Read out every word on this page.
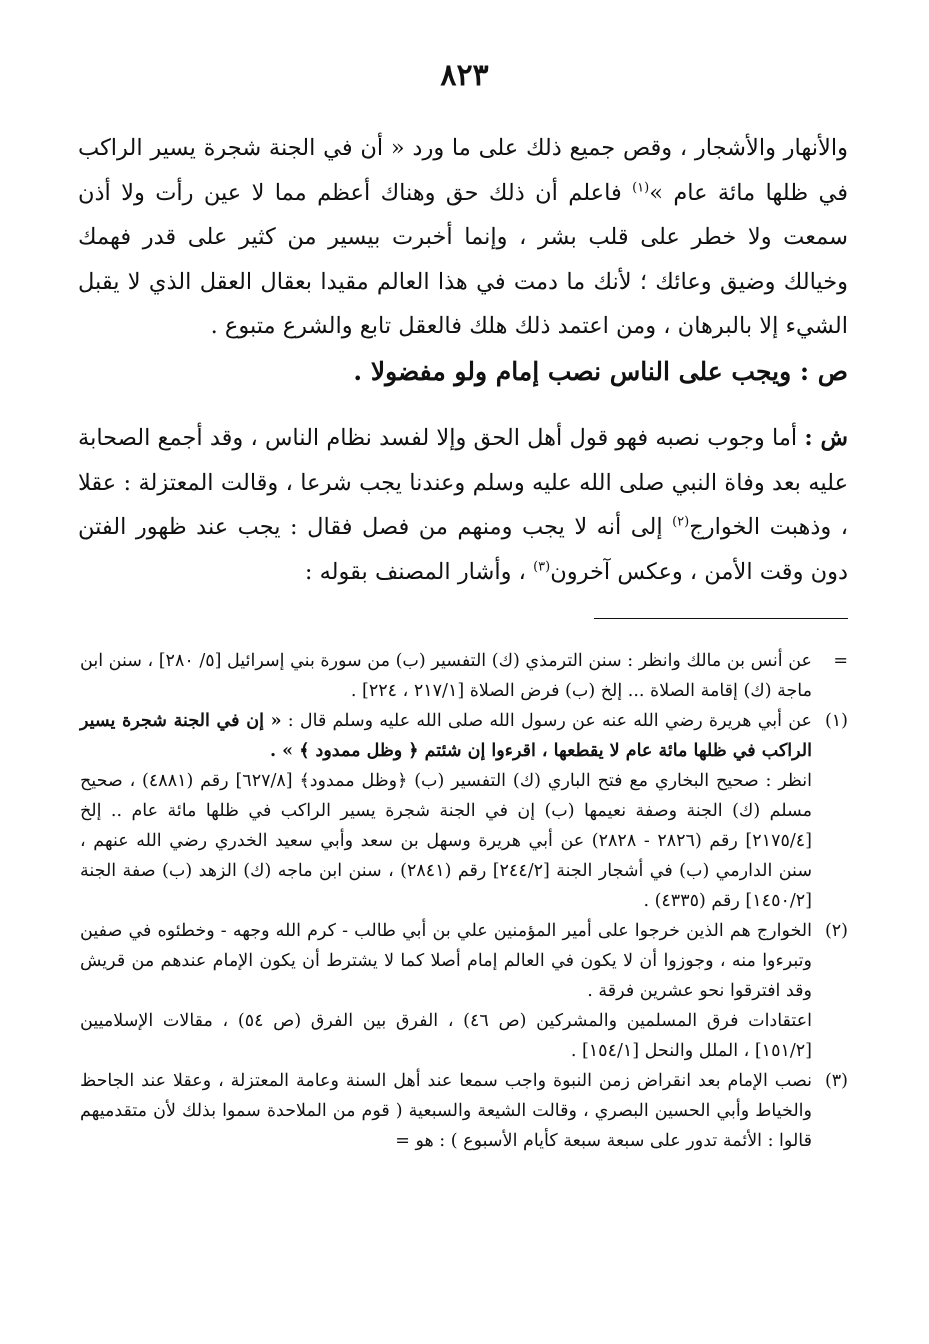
٨٢٣

والأنهار والأشجار ، وقص جميع ذلك على ما ورد « أن في الجنة شجرة يسير الراكب في ظلها مائة عام »$^{(١)}$ فاعلم أن ذلك حق وهناك أعظم مما لا عين رأت ولا أذن سمعت ولا خطر على قلب بشر ، وإنما أخبرت بيسير من كثير على قدر فهمك وخيالك وضيق وعائك ؛ لأنك ما دمت في هذا العالم مقيدا بعقال العقل الذي لا يقبل الشيء إلا بالبرهان ، ومن اعتمد ذلك هلك فالعقل تابع والشرع متبوع .

ص : ويجب على الناس نصب إمام ولو مفضولا .

ش : أما وجوب نصبه فهو قول أهل الحق وإلا لفسد نظام الناس ، وقد أجمع الصحابة عليه بعد وفاة النبي صلى الله عليه وسلم وعندنا يجب شرعا ، وقالت المعتزلة : عقلا ، وذهبت الخوارج$^{(٢)}$ إلى أنه لا يجب ومنهم من فصل فقال : يجب عند ظهور الفتن دون وقت الأمن ، وعكس آخرون$^{(٣)}$ ، وأشار المصنف بقوله :

=
عن أنس بن مالك وانظر : سنن الترمذي (ك) التفسير (ب) من سورة بني إسرائيل [٥/ ٢٨٠] ، سنن ابن ماجة (ك) إقامة الصلاة ... إلخ (ب) فرض الصلاة [٢١٧/١ ، ٢٢٤] .
(١)
عن أبي هريرة رضي الله عنه عن رسول الله صلى الله عليه وسلم قال : « إن في الجنة شجرة يسير الراكب في ظلها مائة عام لا يقطعها ، اقرءوا إن شئتم ﴿ وظل ممدود ﴾ » .
انظر : صحيح البخاري مع فتح الباري (ك) التفسير (ب) ﴿وظل ممدود﴾ [٦٢٧/٨] رقم (٤٨٨١) ، صحيح مسلم (ك) الجنة وصفة نعيمها (ب) إن في الجنة شجرة يسير الراكب في ظلها مائة عام .. إلخ [٢١٧٥/٤] رقم (٢٨٢٦ - ٢٨٢٨) عن أبي هريرة وسهل بن سعد وأبي سعيد الخدري رضي الله عنهم ، سنن الدارمي (ب) في أشجار الجنة [٢٤٤/٢] رقم (٢٨٤١) ، سنن ابن ماجه (ك) الزهد (ب) صفة الجنة [١٤٥٠/٢] رقم (٤٣٣٥) .
(٢)
الخوارج هم الذين خرجوا على أمير المؤمنين علي بن أبي طالب - كرم الله وجهه - وخطئوه في صفين وتبرءوا منه ، وجوزوا أن لا يكون في العالم إمام أصلا كما لا يشترط أن يكون الإمام عندهم من قريش وقد افترقوا نحو عشرين فرقة .
اعتقادات فرق المسلمين والمشركين (ص ٤٦) ، الفرق بين الفرق (ص ٥٤) ، مقالات الإسلاميين [١٥١/٢] ، الملل والنحل [١٥٤/١] .
(٣)
نصب الإمام بعد انقراض زمن النبوة واجب سمعا عند أهل السنة وعامة المعتزلة ، وعقلا عند الجاحظ والخياط وأبي الحسين البصري ، وقالت الشيعة والسبعية ( قوم من الملاحدة سموا بذلك لأن متقدميهم قالوا : الأئمة تدور على سبعة سبعة كأيام الأسبوع ) : هو =
